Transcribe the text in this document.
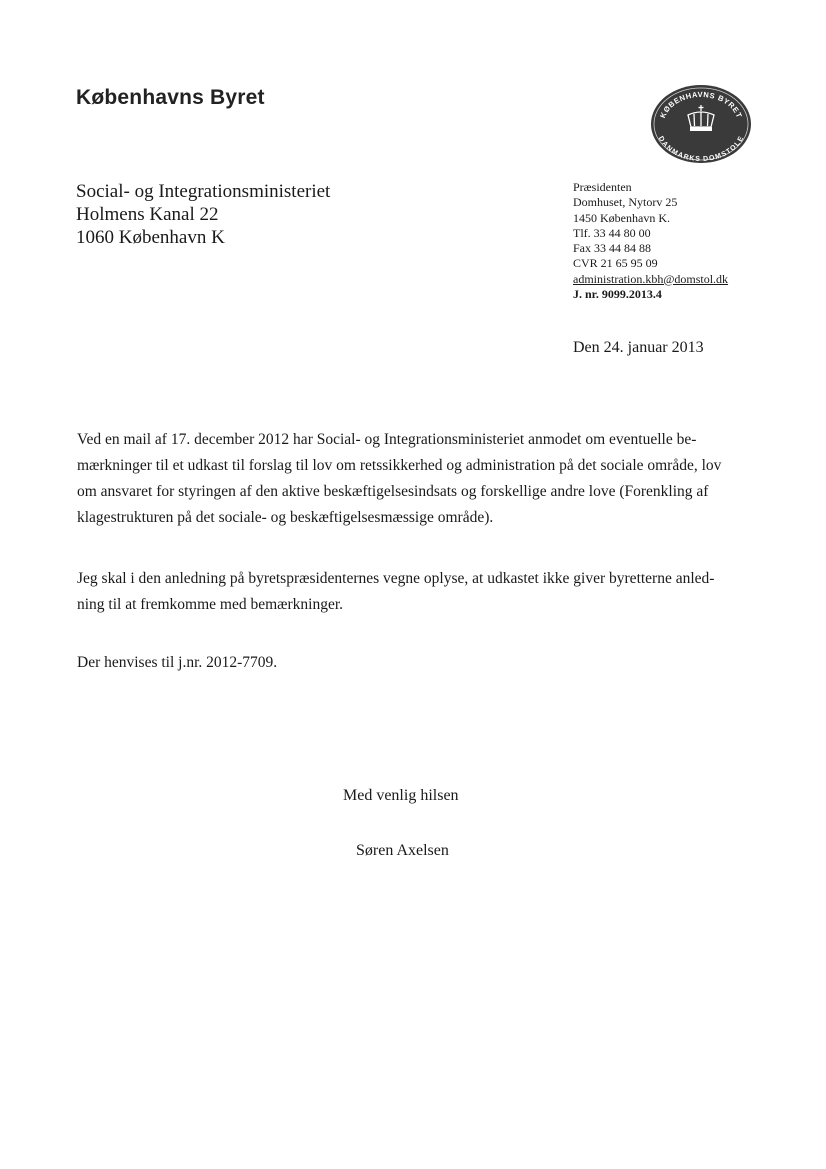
Københavns Byret
KØBENHAVNS BYRET
DANMARKS DOMSTOLE
Social- og Integrationsministeriet
Holmens Kanal 22
1060 København K
Præsidenten
Domhuset, Nytorv 25
1450 København K.
Tlf. 33 44 80 00
Fax 33 44 84 88
CVR 21 65 95 09
administration.kbh@domstol.dk
J. nr. 9099.2013.4
Den 24. januar 2013
Ved en mail af 17. december 2012 har Social- og Integrationsministeriet anmodet om eventuelle be-
mærkninger til et udkast til forslag til lov om retssikkerhed og administration på det sociale område, lov
om ansvaret for styringen af den aktive beskæftigelsesindsats og forskellige andre love (Forenkling af
klagestrukturen på det sociale- og beskæftigelsesmæssige område).
Jeg skal i den anledning på byretspræsidenternes vegne oplyse, at udkastet ikke giver byretterne anled-
ning til at fremkomme med bemærkninger.
Der henvises til j.nr. 2012-7709.
Med venlig hilsen
Søren Axelsen
